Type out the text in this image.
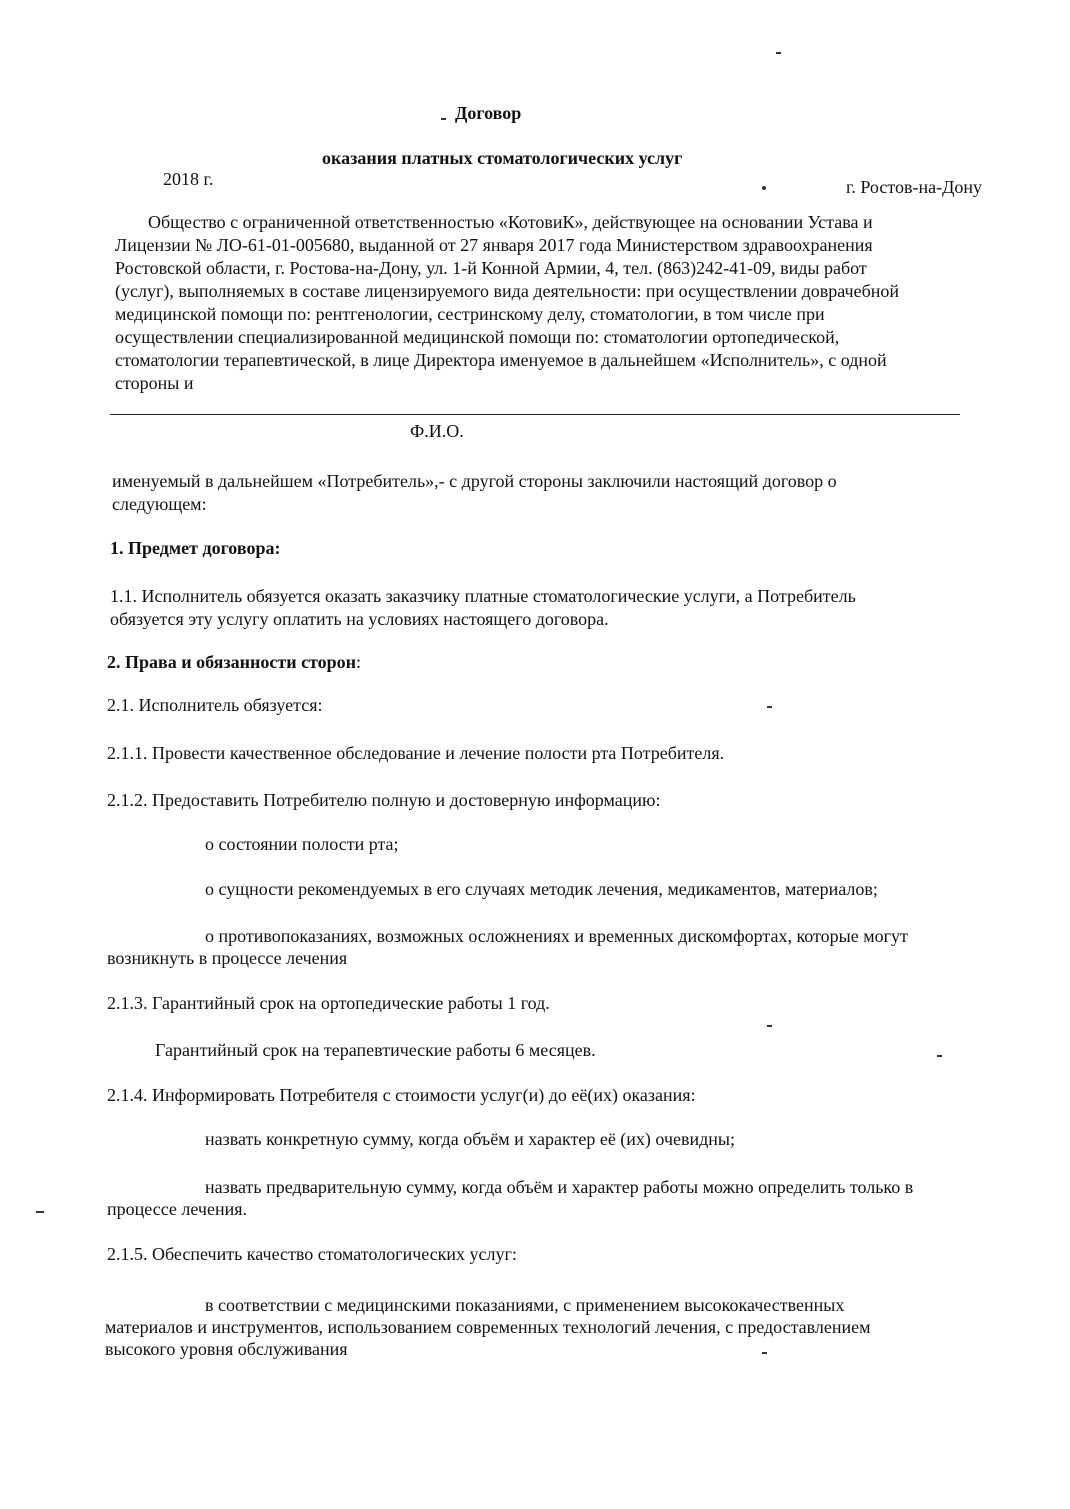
Договор
оказания платных стоматологических услуг
2018 г.	г. Ростов-на-Дону
Общество с ограниченной ответственностью «КотовиК», действующее на основании Устава и
Лицензии № ЛО-61-01-005680, выданной от 27 января 2017 года Министерством здравоохранения
Ростовской области, г. Ростова-на-Дону, ул. 1-й Конной Армии, 4, тел. (863)242-41-09, виды работ
(услуг), выполняемых в составе лицензируемого вида деятельности: при осуществлении доврачебной
медицинской помощи по: рентгенологии, сестринскому делу, стоматологии, в том числе при
осуществлении специализированной медицинской помощи по: стоматологии ортопедической,
стоматологии терапевтической, в лице Директора именуемое в дальнейшем «Исполнитель», с одной
стороны и
Ф.И.О.
именуемый в дальнейшем «Потребитель»,- с другой стороны заключили настоящий договор о
следующем:
1. Предмет договора:
1.1. Исполнитель обязуется оказать заказчику платные стоматологические услуги, а Потребитель
обязуется эту услугу оплатить на условиях настоящего договора.
2. Права и обязанности сторон:
2.1. Исполнитель обязуется:
2.1.1. Провести качественное обследование и лечение полости рта Потребителя.
2.1.2. Предоставить Потребителю полную и достоверную информацию:
о состоянии полости рта;
о сущности рекомендуемых в его случаях методик лечения, медикаментов, материалов;
о противопоказаниях, возможных осложнениях и временных дискомфортах, которые могут
возникнуть в процессе лечения
2.1.3. Гарантийный срок на ортопедические работы 1 год.
Гарантийный срок на терапевтические работы 6 месяцев.
2.1.4. Информировать Потребителя с стоимости услуг(и) до её(их) оказания:
назвать конкретную сумму, когда объём и характер её (их) очевидны;
назвать предварительную сумму, когда объём и характер работы можно определить только в
процессе лечения.
2.1.5. Обеспечить качество стоматологических услуг:
в соответствии с медицинскими показаниями, с применением высококачественных
материалов и инструментов, использованием современных технологий лечения, с предоставлением
высокого уровня обслуживания
